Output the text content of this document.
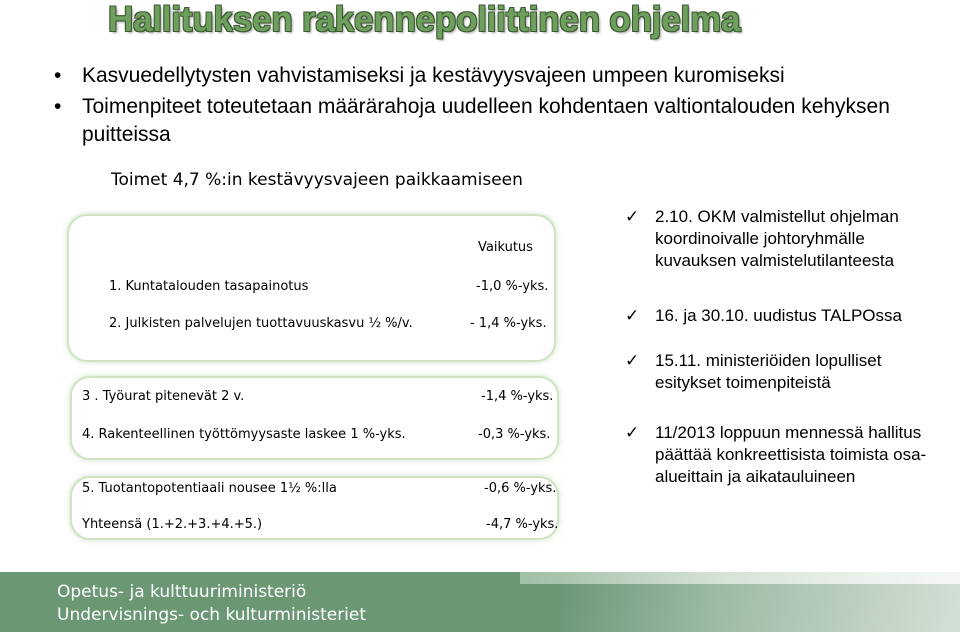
Hallituksen rakennepoliittinen ohjelma
• Kasvuedellytysten vahvistamiseksi ja kestävyysvajeen umpeen kuromiseksi
• Toimenpiteet toteutetaan määrärahoja uudelleen kohdentaen valtiontalouden kehyksen puitteissa
Toimet 4,7 %:in kestävyysvajeen paikkaamiseen
Vaikutus
1. Kuntatalouden tasapainotus	-1,0 %-yks.
2. Julkisten palvelujen tuottavuuskasvu ½ %/v.	- 1,4 %-yks.
3 . Työurat pitenevät 2 v.	-1,4 %-yks.
4. Rakenteellinen työttömyysaste laskee 1 %-yks.	-0,3 %-yks.
5. Tuotantopotentiaali nousee 1½ %:lla	-0,6 %-yks.
Yhteensä (1.+2.+3.+4.+5.)	-4,7 %-yks.
✓ 2.10. OKM valmistellut ohjelman koordinoivalle johtoryhmälle kuvauksen valmistelutilanteesta
✓ 16. ja 30.10. uudistus TALPOssa
✓ 15.11. ministeriöiden lopulliset esitykset toimenpiteistä
✓ 11/2013 loppuun mennessä hallitus päättää konkreettisista toimista osa-alueittain ja aikatauluineen
Opetus- ja kulttuuriministeriö
Undervisnings- och kulturministeriet
